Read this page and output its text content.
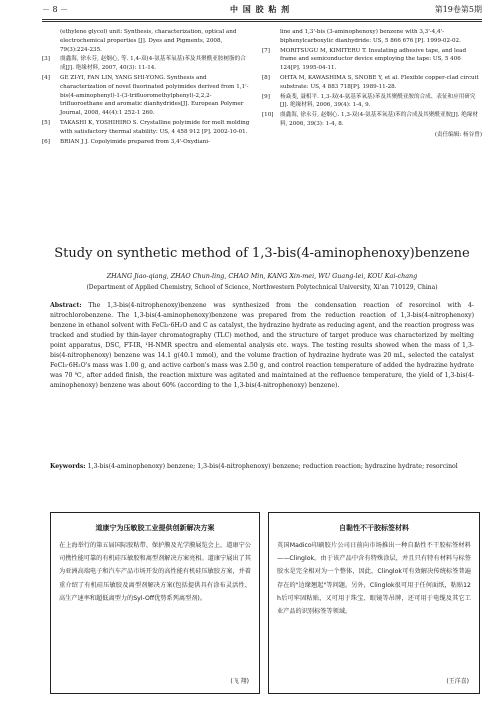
－ 8 －	中 国 胶 粘 剂	第19卷第5期
(ethylene glycol) unit: Synthesis, characterization, optical and electrochemical properties [J]. Dyes and Pigments, 2008, 79(3):224-235.
[3] 虞鑫海, 徐永芬, 赵炯心, 等. 1,4-双(4-氨基苯氧基)苯及其聚酰亚胺树脂的合成[J]. 绝缘材料, 2007, 40(3): 11-14.
[4] GE ZI-YI, FAN LIN, YANG SHI-YONG. Synthesis and characterization of novel fluorinated polyimides derived from 1,1'-bis(4-aminophenyl)-1-(3-trifluoromethylphenyl)-2,2,2-trifluoroethane and aromatic dianhydrides[J]. European Polymer Journal, 2008, 44(4):1 252-1 260.
[5] TAKASHI K, YOSHIHIRO S. Crystalline polyimide for melt molding with satisfactory thermal stability: US, 4 458 912 [P]. 2002-10-01.
[6] BRIAN J J. Copolyimide prepared from 3,4'-Oxydiani-
line and 1,3'-bis (3-aminophenoxy) benzene with 3,3'-4,4'-biphenylcarboxylic dianhydride: US, 5 866 676 [P]. 1999-02-02.
[7] MORITSUGU M, KIMITERU T. Insulating adhesive tape, and lead frame and semiconductor device employing the tape: US, 5 406 124[P]. 1995-04-11.
[8] OHTA M, KAWASHIMA S, SNOBE Y, et al. Flexible copper-clad circuit substrate: US, 4 883 718[P]. 1989-11-28.
[9] 杨焱斐, 聂相平. 1,3-双(4-氨基苯氧基)苯及其聚酰亚胺的合成、表征和应用研究[J]. 绝缘材料, 2006, 39(4): 1-4, 9.
[10] 虞鑫海, 徐永芬, 赵炯心. 1,3-双(4-氨基苯氧基)苯的合成及其聚酰亚胺[J]. 绝缘材料, 2006, 39(3): 1-4, 8.
(责任编辑: 杨谷曾)
Study on synthetic method of 1,3-bis(4-aminophenoxy)benzene
ZHANG Jiao-qiang, ZHAO Chun-ling, CHAO Min, KANG Xin-mei, WU Guang-lei, KOU Kai-chang
(Department of Applied Chemistry, School of Science, Northwestern Polytechnical University, Xi'an 710129, China)
Abstract: The 1,3-bis(4-nitrophenoxy)benzene was synthesized from the condensation reaction of resorcinol with 4-nitrochlorobenzene. The 1,3-bis(4-aminophenoxy)benzene was prepared from the reduction reaction of 1,3-bis(4-nitrophenoxy) benzene in ethanol solvent with FeCl₃·6H₂O and C as catalyst, the hydrazine hydrate as reducing agent, and the reaction progress was tracked and studied by thin-layer chromatography (TLC) method, and the structure of target produce was characterized by melting point apparatus, DSC, FT-IR, ¹H-NMR spectra and elemental analysis etc. ways. The testing results showed when the mass of 1,3-bis(4-nitrophenoxy) benzene was 14.1 g(40.1 mmol), and the volume fraction of hydrazine hydrate was 20 mL, selected the catalyst FeCl₃·6H₂O's mass was 1.00 g, and active carbon's mass was 2.50 g, and control reaction temperature of added the hydrazine hydrate was 70 ℃, after added finish, the reaction mixture was agitated and maintained at the refluence temperature, the yield of 1,3-bis(4-aminophenoxy) benzene was about 60% (according to the 1,3-bis(4-nitrophenoxy) benzene).
Keywords: 1,3-bis(4-aminophenoxy) benzene; 1,3-bis(4-nitrophenoxy) benzene; reduction reaction; hydrazine hydrate; resorcinol
道康宁为压敏胶工业提供创新解决方案
在上海举行的第五届国际胶粘带、保护膜及光学膜展览会上，道康宁公司携性能可靠的有机硅压敏胶和离型剂解决方案亮相。道康宁展出了其为亚洲高端电子和汽车产品市场开发的高性能有机硅压敏胶方案，并着重介绍了有机硅压敏胶及离型剂解决方案(包括提供具有涂布灵活性、高生产速率和超低离型力的Syl-Off优势系列离型剂)。
(飞 翔)
自黏性不干胶标签材料
英国Madico印刷胶片公司日前向市场推出一种自黏性不干胶标签材料——Clinglok。由于该产品中含有特殊涂层，并且只有特有材料与标签胶水是完全相对为一个整体，因此，Clinglok可有效解决传统标签普遍存在的"边缘翘起"等问题。另外，Clinglok很可用于任何面纸，粘贴12 h后可牢固粘贴，又可用于珠宝、眼镜等吊牌，还可用于电缆及其它工业产品的识别标签等领域。
(王洋喜)
